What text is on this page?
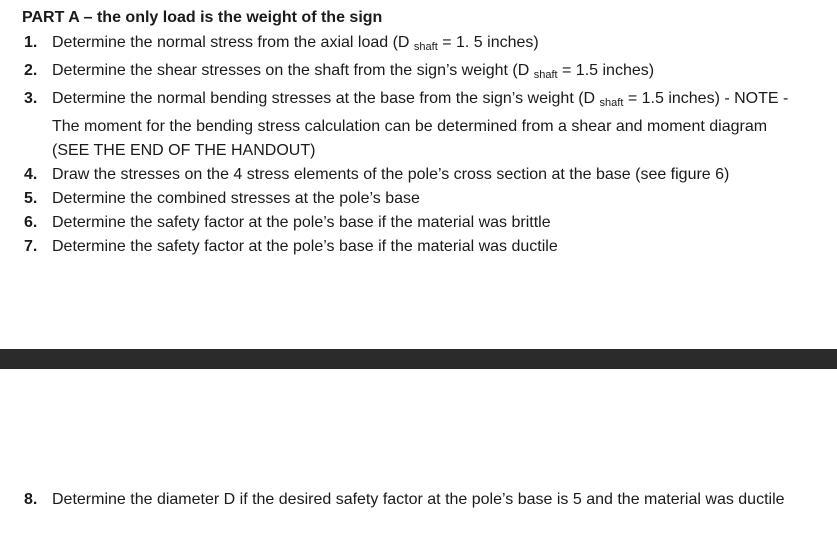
PART A – the only load is the weight of the sign
1. Determine the normal stress from the axial load (D $_{shaft}$ = 1. 5 inches)
2. Determine the shear stresses on the shaft from the sign’s weight (D $_{shaft}$ = 1.5 inches)
3. Determine the normal bending stresses at the base from the sign’s weight (D $_{shaft}$ = 1.5 inches) - NOTE - The moment for the bending stress calculation can be determined from a shear and moment diagram (SEE THE END OF THE HANDOUT)
4. Draw the stresses on the 4 stress elements of the pole’s cross section at the base (see figure 6)
5. Determine the combined stresses at the pole’s base
6. Determine the safety factor at the pole’s base if the material was brittle
7. Determine the safety factor at the pole’s base if the material was ductile
8. Determine the diameter D if the desired safety factor at the pole’s base is 5 and the material was ductile
